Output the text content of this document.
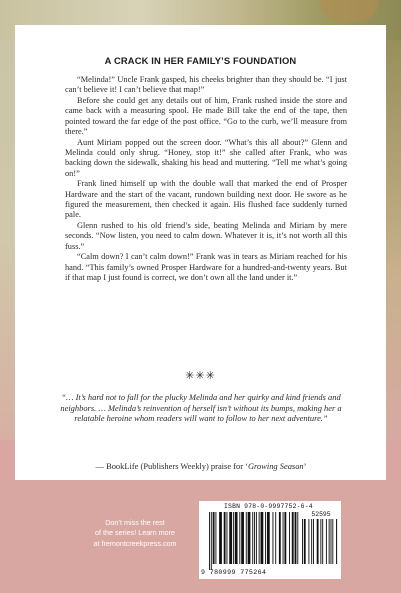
A CRACK IN HER FAMILY’S FOUNDATION

“Melinda!” Uncle Frank gasped, his cheeks brighter than they should be. “I just can’t believe it! I can’t believe that map!”

Before she could get any details out of him, Frank rushed inside the store and came back with a measuring spool. He made Bill take the end of the tape, then pointed toward the far edge of the post office. “Go to the curb, we’ll measure from there.”

Aunt Miriam popped out the screen door. “What’s this all about?” Glenn and Melinda could only shrug. “Honey, stop it!” she called after Frank, who was backing down the sidewalk, shaking his head and muttering. “Tell me what’s going on!”

Frank lined himself up with the double wall that marked the end of Prosper Hardware and the start of the vacant, rundown building next door. He swore as he figured the measurement, then checked it again. His flushed face suddenly turned pale.

Glenn rushed to his old friend’s side, beating Melinda and Miriam by mere seconds. “Now listen, you need to calm down. Whatever it is, it’s not worth all this fuss.”

“Calm down? I can’t calm down!” Frank was in tears as Miriam reached for his hand. “This family’s owned Prosper Hardware for a hundred-and-twenty years. But if that map I just found is correct, we don’t own all the land under it.”

✳✳✳
“… It’s hard not to fall for the plucky Melinda and her quirky and kind friends and neighbors. … Melinda’s reinvention of herself isn’t without its bumps, making her a relatable heroine whom readers will want to follow to her next adventure.”
— BookLife (Publishers Weekly) praise for ‘Growing Season’
Don’t miss the rest
of the series! Learn more
at fremontcreekpress.com
ISBN 978-0-9997752-6-4
52595
9 780999 775264
